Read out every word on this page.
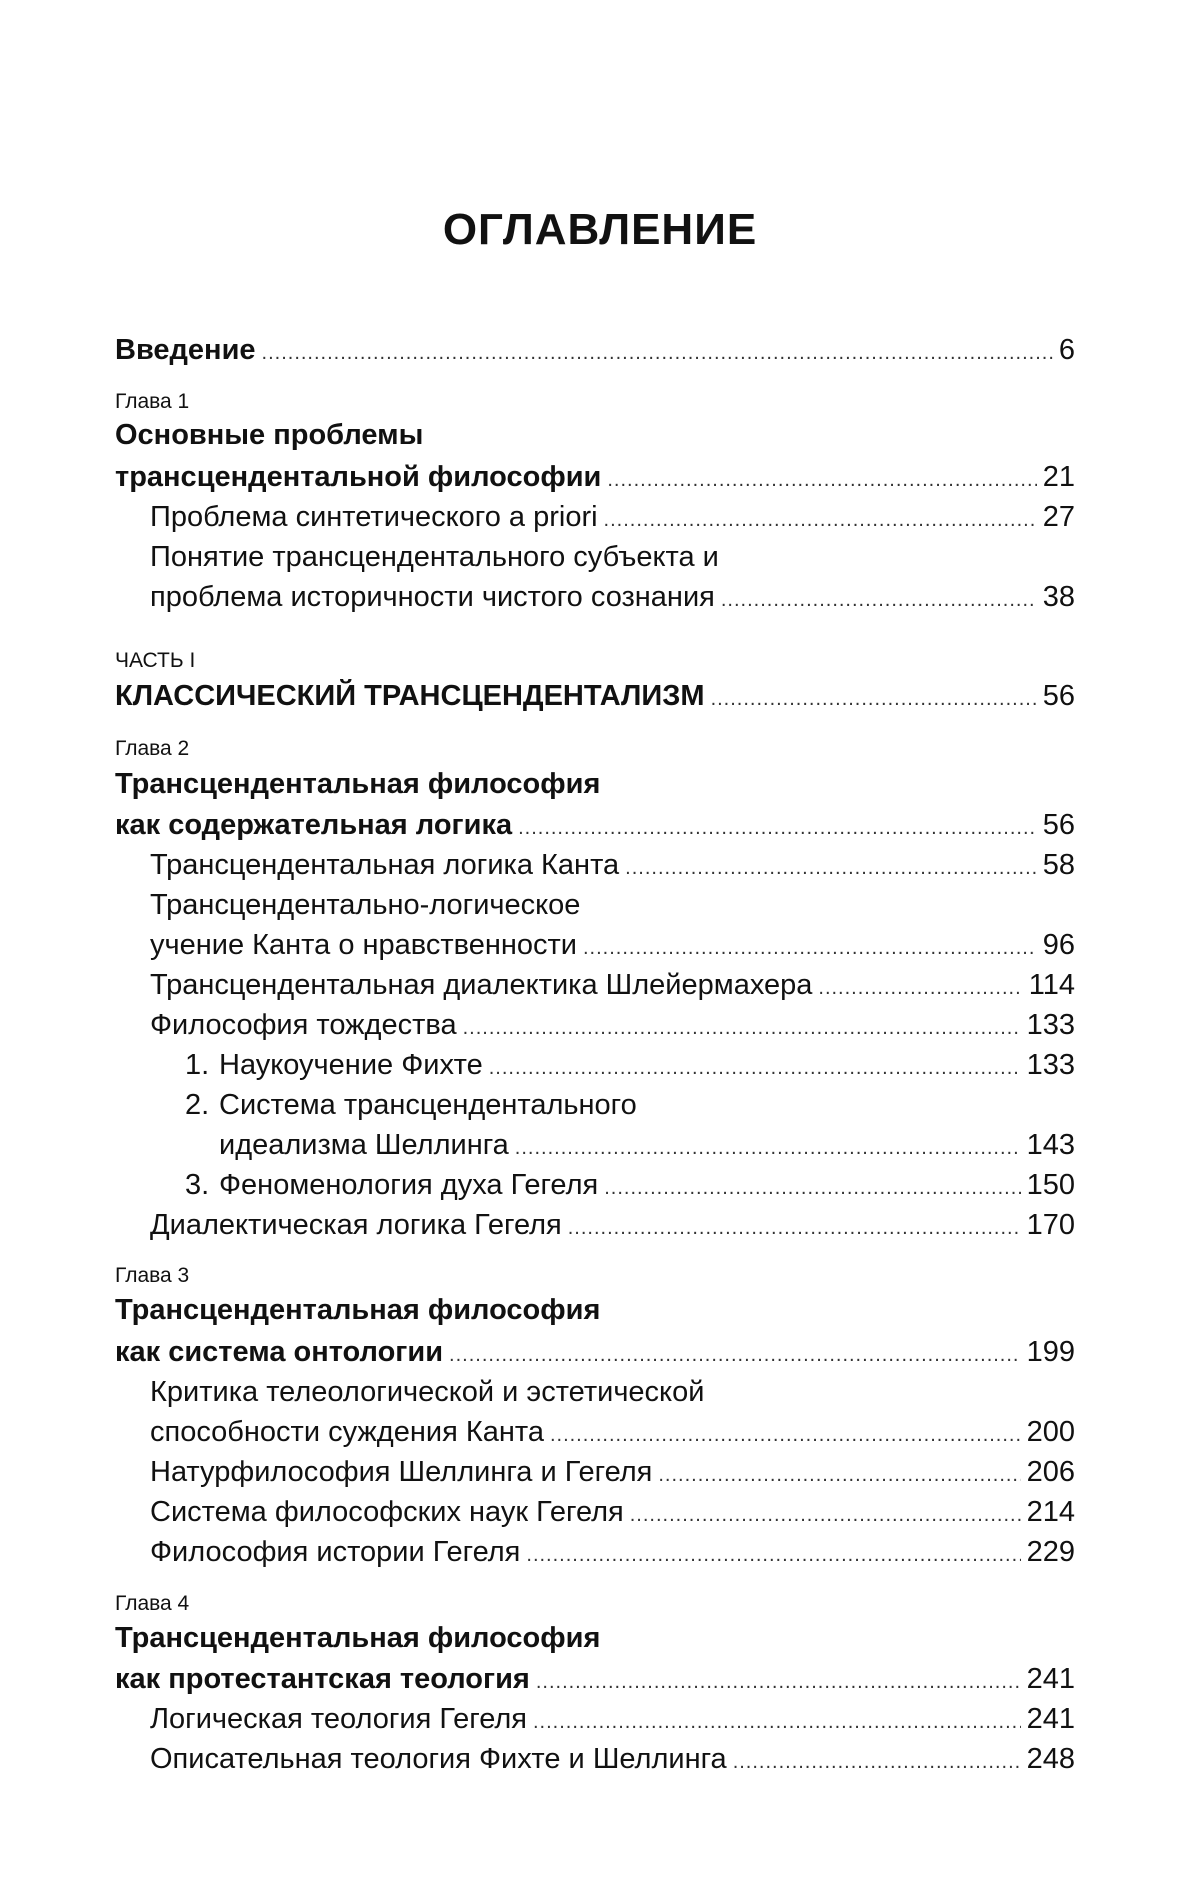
ОГЛАВЛЕНИЕ
Введение .....	6
Глава 1
Основные проблемы
трансцендентальной философии .....	21
Проблема синтетического a priori .....	27
Понятие трансцендентального субъекта и
проблема историчности чистого сознания .....	38
ЧАСТЬ I
КЛАССИЧЕСКИЙ ТРАНСЦЕНДЕНТАЛИЗМ .....	56
Глава 2
Трансцендентальная философия
как содержательная логика .....	56
Трансцендентальная логика Канта .....	58
Трансцендентально-логическое
учение Канта о нравственности .....	96
Трансцендентальная диалектика Шлейермахера .....	114
Философия тождества .....	133
1. Наукоучение Фихте .....	133
2. Система трансцендентального
идеализма Шеллинга .....	143
3. Феноменология духа Гегеля .....	150
Диалектическая логика Гегеля .....	170
Глава 3
Трансцендентальная философия
как система онтологии .....	199
Критика телеологической и эстетической
способности суждения Канта .....	200
Натурфилософия Шеллинга и Гегеля .....	206
Система философских наук Гегеля .....	214
Философия истории Гегеля .....	229
Глава 4
Трансцендентальная философия
как протестантская теология .....	241
Логическая теология Гегеля .....	241
Описательная теология Фихте и Шеллинга .....	248
